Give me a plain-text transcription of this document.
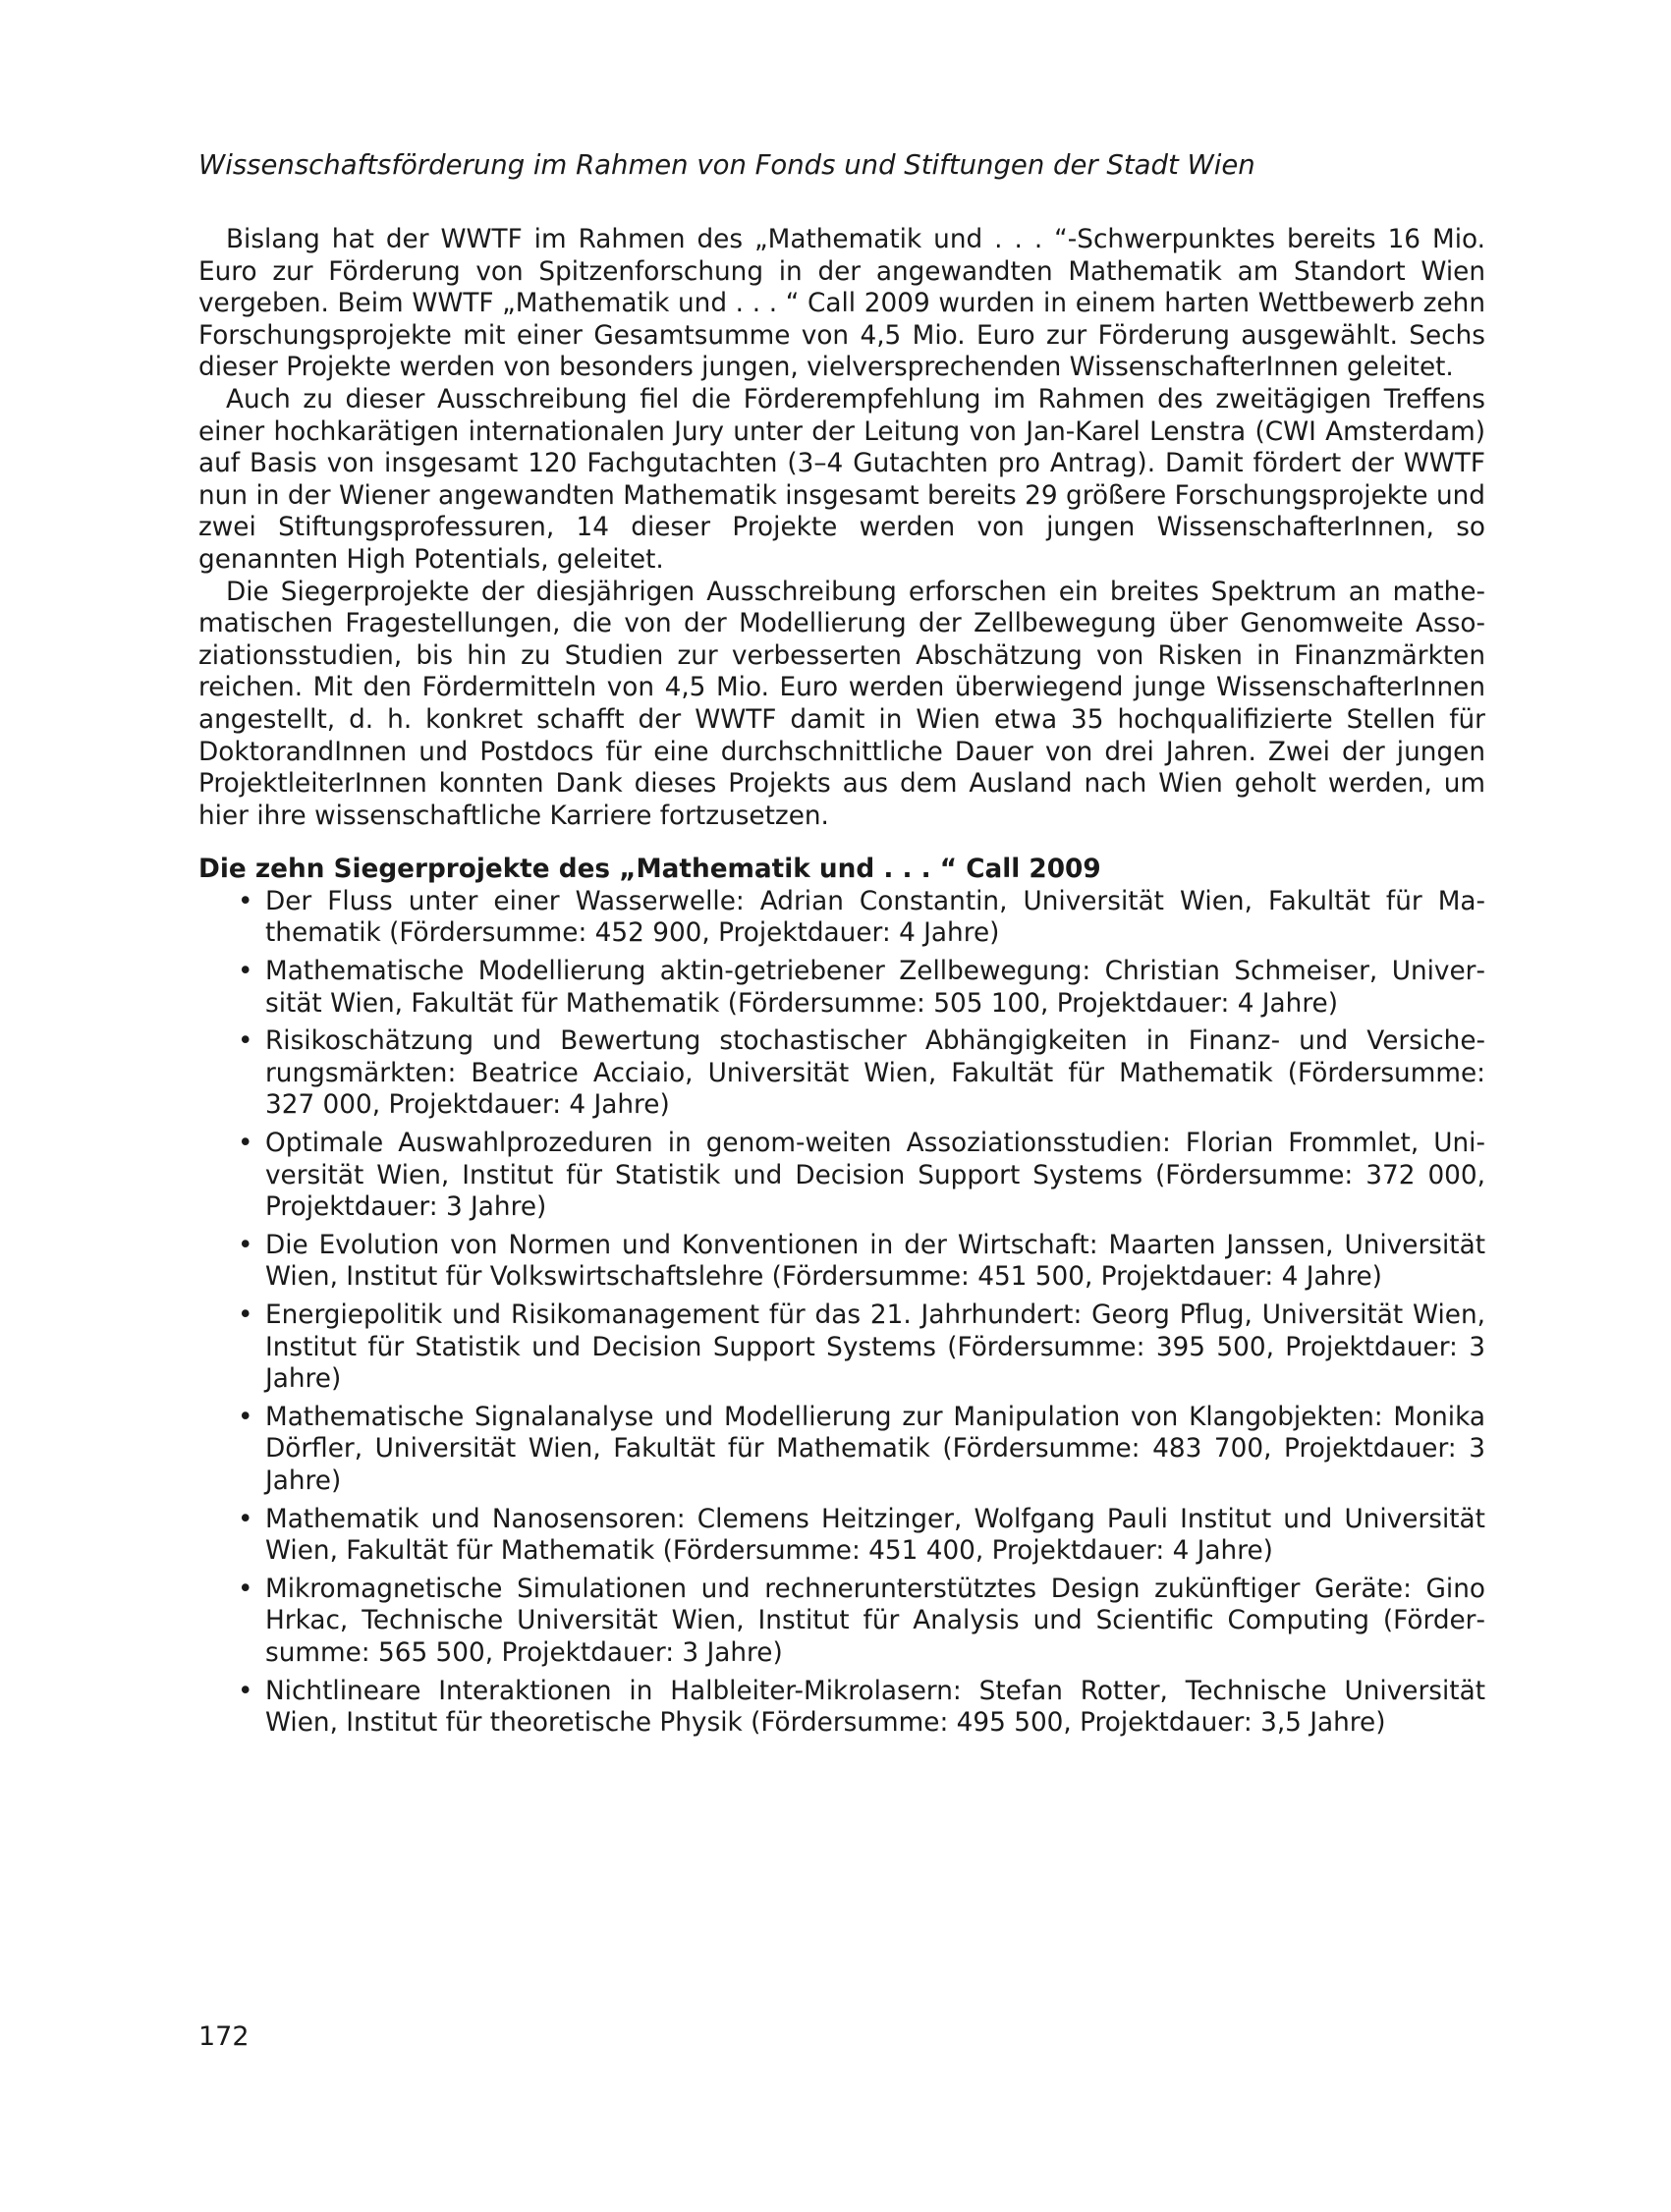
Wissenschaftsförderung im Rahmen von Fonds und Stiftungen der Stadt Wien

Bislang hat der WWTF im Rahmen des „Mathematik und . . . “-Schwerpunktes bereits 16 Mio. Euro zur Förderung von Spitzenforschung in der angewandten Mathematik am Standort Wien vergeben. Beim WWTF „Mathematik und . . . “ Call 2009 wurden in einem harten Wettbewerb zehn Forschungsprojekte mit einer Gesamtsumme von 4,5 Mio. Euro zur Förderung ausgewählt. Sechs dieser Projekte werden von besonders jungen, vielversprechenden WissenschafterInnen geleitet.

Auch zu dieser Ausschreibung fiel die Förderempfehlung im Rahmen des zweitägigen Treffens einer hochkarätigen internationalen Jury unter der Leitung von Jan-Karel Lenstra (CWI Amsterdam) auf Basis von insgesamt 120 Fachgutachten (3–4 Gutachten pro Antrag). Damit fördert der WWTF nun in der Wiener angewandten Mathematik insgesamt bereits 29 größere Forschungsprojekte und zwei Stiftungsprofessuren, 14 dieser Projekte werden von jungen WissenschafterInnen, so genannten High Potentials, geleitet.

Die Siegerprojekte der diesjährigen Ausschreibung erforschen ein breites Spektrum an mathematischen Fragestellungen, die von der Modellierung der Zellbewegung über Genomweite Assoziationsstudien, bis hin zu Studien zur verbesserten Abschätzung von Risken in Finanzmärkten reichen. Mit den Fördermitteln von 4,5 Mio. Euro werden überwiegend junge WissenschafterInnen angestellt, d. h. konkret schafft der WWTF damit in Wien etwa 35 hochqualifizierte Stellen für DoktorandInnen und Postdocs für eine durchschnittliche Dauer von drei Jahren. Zwei der jungen ProjektleiterInnen konnten Dank dieses Projekts aus dem Ausland nach Wien geholt werden, um hier ihre wissenschaftliche Karriere fortzusetzen.

Die zehn Siegerprojekte des „Mathematik und . . . “ Call 2009
• Der Fluss unter einer Wasserwelle: Adrian Constantin, Universität Wien, Fakultät für Mathematik (Fördersumme: 452 900, Projektdauer: 4 Jahre)
• Mathematische Modellierung aktin-getriebener Zellbewegung: Christian Schmeiser, Universität Wien, Fakultät für Mathematik (Fördersumme: 505 100, Projektdauer: 4 Jahre)
• Risikoschätzung und Bewertung stochastischer Abhängigkeiten in Finanz- und Versicherungsmärkten: Beatrice Acciaio, Universität Wien, Fakultät für Mathematik (Fördersumme: 327 000, Projektdauer: 4 Jahre)
• Optimale Auswahlprozeduren in genom-weiten Assoziationsstudien: Florian Frommlet, Universität Wien, Institut für Statistik und Decision Support Systems (Fördersumme: 372 000, Projektdauer: 3 Jahre)
• Die Evolution von Normen und Konventionen in der Wirtschaft: Maarten Janssen, Universität Wien, Institut für Volkswirtschaftslehre (Fördersumme: 451 500, Projektdauer: 4 Jahre)
• Energiepolitik und Risikomanagement für das 21. Jahrhundert: Georg Pflug, Universität Wien, Institut für Statistik und Decision Support Systems (Fördersumme: 395 500, Projektdauer: 3 Jahre)
• Mathematische Signalanalyse und Modellierung zur Manipulation von Klangobjekten: Monika Dörfler, Universität Wien, Fakultät für Mathematik (Fördersumme: 483 700, Projektdauer: 3 Jahre)
• Mathematik und Nanosensoren: Clemens Heitzinger, Wolfgang Pauli Institut und Universität Wien, Fakultät für Mathematik (Fördersumme: 451 400, Projektdauer: 4 Jahre)
• Mikromagnetische Simulationen und rechnerunterstütztes Design zukünftiger Geräte: Gino Hrkac, Technische Universität Wien, Institut für Analysis und Scientific Computing (Fördersumme: 565 500, Projektdauer: 3 Jahre)
• Nichtlineare Interaktionen in Halbleiter-Mikrolasern: Stefan Rotter, Technische Universität Wien, Institut für theoretische Physik (Fördersumme: 495 500, Projektdauer: 3,5 Jahre)
172
